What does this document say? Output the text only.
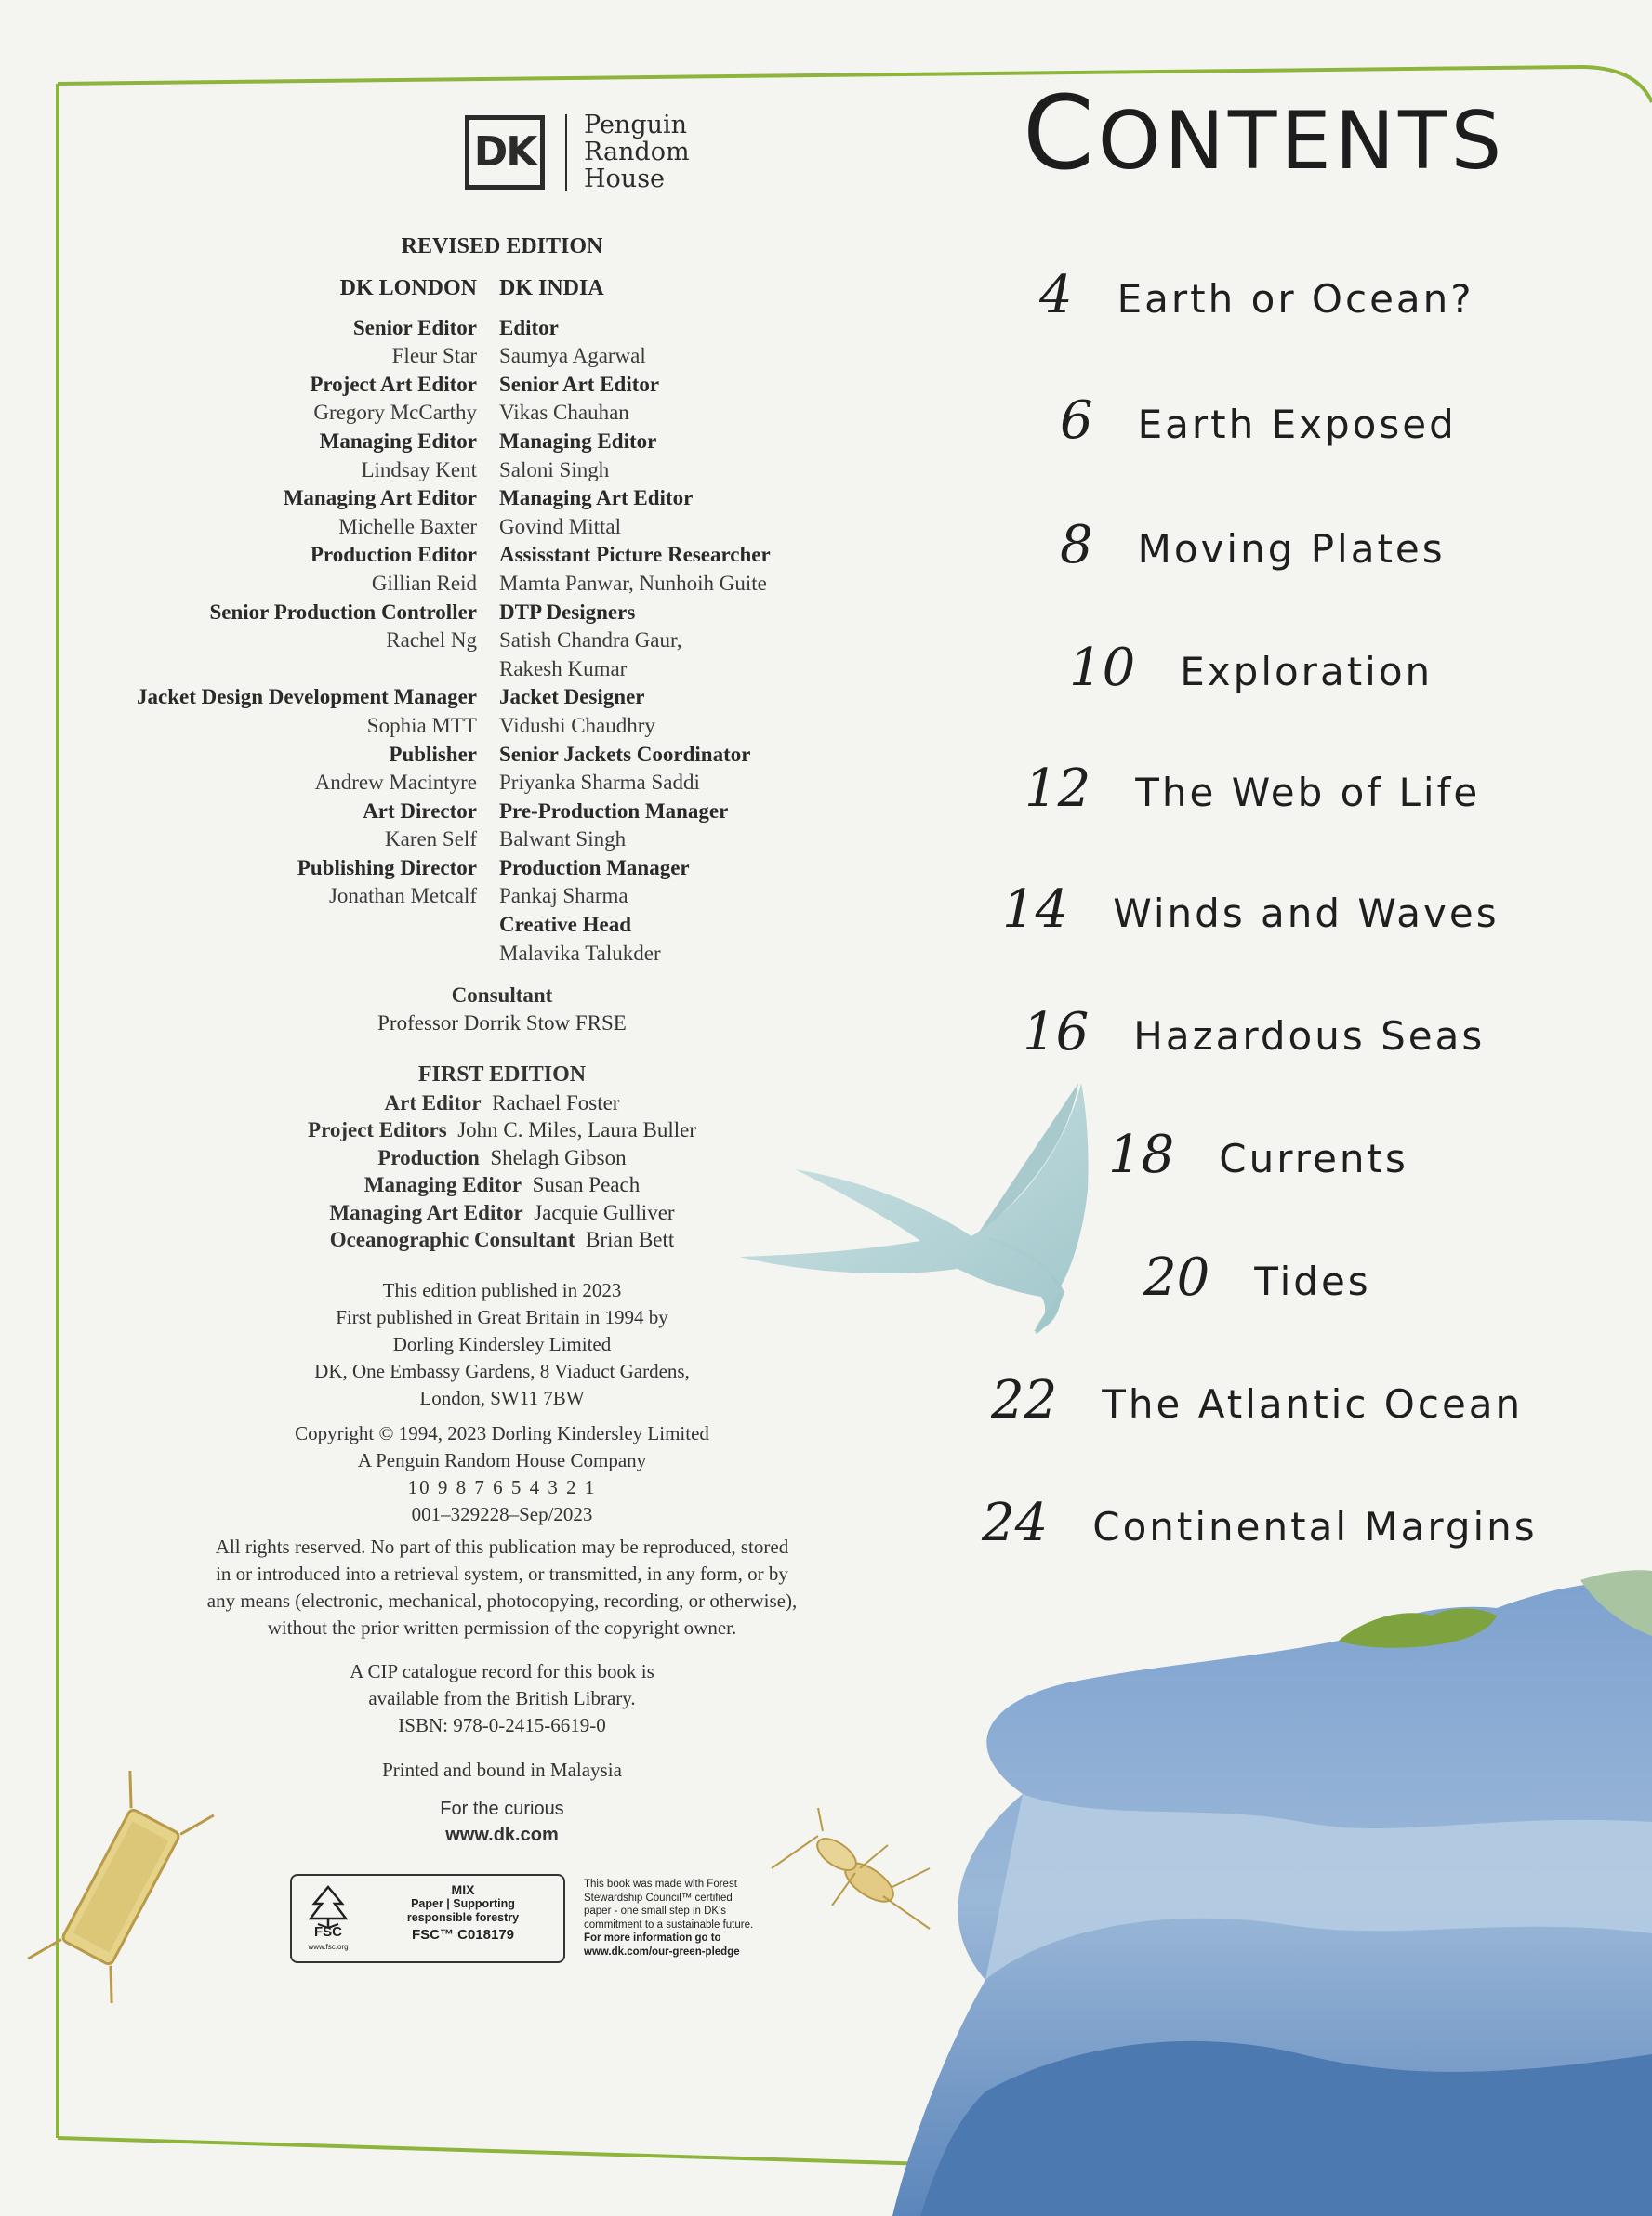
DK
Penguin
Random
House
REVISED EDITION
DK LONDON
Senior Editor
Fleur Star
Project Art Editor
Gregory McCarthy
Managing Editor
Lindsay Kent
Managing Art Editor
Michelle Baxter
Production Editor
Gillian Reid
Senior Production Controller
Rachel Ng
Jacket Design Development Manager
Sophia MTT
Publisher
Andrew Macintyre
Art Director
Karen Self
Publishing Director
Jonathan Metcalf
DK INDIA
Editor
Saumya Agarwal
Senior Art Editor
Vikas Chauhan
Managing Editor
Saloni Singh
Managing Art Editor
Govind Mittal
Assisstant Picture Researcher
Mamta Panwar, Nunhoih Guite
DTP Designers
Satish Chandra Gaur,
Rakesh Kumar
Jacket Designer
Vidushi Chaudhry
Senior Jackets Coordinator
Priyanka Sharma Saddi
Pre-Production Manager
Balwant Singh
Production Manager
Pankaj Sharma
Creative Head
Malavika Talukder
Consultant
Professor Dorrik Stow FRSE
FIRST EDITION
Art Editor Rachael Foster
Project Editors John C. Miles, Laura Buller
Production Shelagh Gibson
Managing Editor Susan Peach
Managing Art Editor Jacquie Gulliver
Oceanographic Consultant Brian Bett
This edition published in 2023
First published in Great Britain in 1994 by
Dorling Kindersley Limited
DK, One Embassy Gardens, 8 Viaduct Gardens,
London, SW11 7BW
Copyright © 1994, 2023 Dorling Kindersley Limited
A Penguin Random House Company
10 9 8 7 6 5 4 3 2 1
001–329228–Sep/2023
All rights reserved. No part of this publication may be reproduced, stored
in or introduced into a retrieval system, or transmitted, in any form, or by
any means (electronic, mechanical, photocopying, recording, or otherwise),
without the prior written permission of the copyright owner.
A CIP catalogue record for this book is
available from the British Library.
ISBN: 978-0-2415-6619-0
Printed and bound in Malaysia
For the curious
www.dk.com
FSC
www.fsc.org
MIX
Paper | Supporting
responsible forestry
FSC™ C018179
This book was made with Forest
Stewardship Council™ certified
paper - one small step in DK's
commitment to a sustainable future.
For more information go to
www.dk.com/our-green-pledge
CONTENTS
4 Earth or Ocean?
6 Earth Exposed
8 Moving Plates
10 Exploration
12 The Web of Life
14 Winds and Waves
16 Hazardous Seas
18 Currents
20 Tides
22 The Atlantic Ocean
24 Continental Margins
